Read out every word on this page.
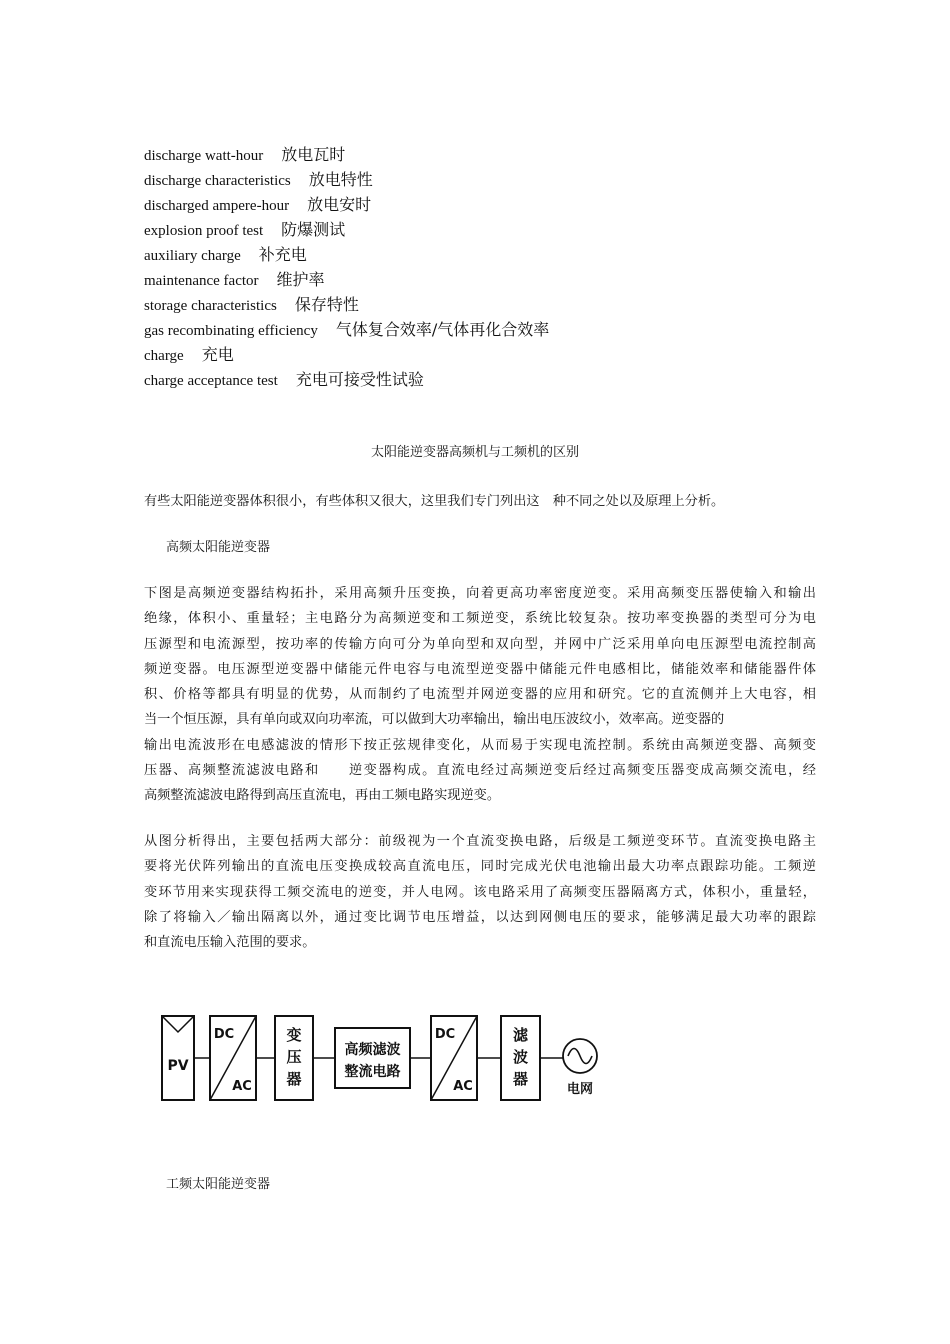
discharge watt-hour 放电瓦时
discharge characteristics 放电特性
discharged ampere-hour 放电安时
explosion proof test 防爆测试
auxiliary charge 补充电
maintenance factor 维护率
storage characteristics 保存特性
gas recombinating efficiency 气体复合效率/气体再化合效率
charge 充电
charge acceptance test 充电可接受性试验
太阳能逆变器高频机与工频机的区别
有些太阳能逆变器体积很小，有些体积又很大，这里我们专门列出这　种不同之处以及原理上分析。
高频太阳能逆变器
下图是高频逆变器结构拓扑，采用高频升压变换，向着更高功率密度逆变。采用高频变压器使输入和输出
绝缘，体积小、重量轻；主电路分为高频逆变和工频逆变，系统比较复杂。按功率变换器的类型可分为电
压源型和电流源型，按功率的传输方向可分为单向型和双向型，并网中广泛采用单向电压源型电流控制高
频逆变器。电压源型逆变器中储能元件电容与电流型逆变器中储能元件电感相比，储能效率和储能器件体
积、价格等都具有明显的优势，从而制约了电流型并网逆变器的应用和研究。它的直流侧并上大电容，相
当一个恒压源，具有单向或双向功率流，可以做到大功率输出，输出电压波纹小，效率高。逆变器的
输出电流波形在电感滤波的情形下按正弦规律变化，从而易于实现电流控制。系统由高频逆变器、高频变
压器、高频整流滤波电路和　　逆变器构成。直流电经过高频逆变后经过高频变压器变成高频交流电，经
高频整流滤波电路得到高压直流电，再由工频电路实现逆变。
从图分析得出，主要包括两大部分：前级视为一个直流变换电路，后级是工频逆变环节。直流变换电路主
要将光伏阵列输出的直流电压变换成较高直流电压，同时完成光伏电池输出最大功率点跟踪功能。工频逆
变环节用来实现获得工频交流电的逆变，并人电网。该电路采用了高频变压器隔离方式，体积小，重量轻，
除了将输入／输出隔离以外，通过变比调节电压增益，以达到网侧电压的要求，能够满足最大功率的跟踪
和直流电压输入范围的要求。
PV
DC
AC
变
压
器
高频滤波
整流电路
DC
AC
滤
波
器
电网
工频太阳能逆变器
